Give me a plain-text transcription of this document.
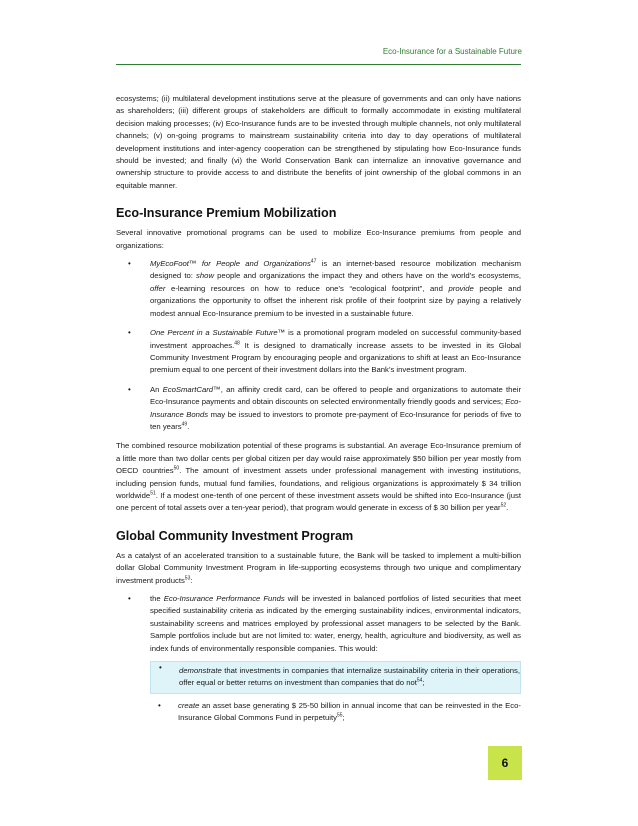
Eco-Insurance for a Sustainable Future

ecosystems; (ii) multilateral development institutions serve at the pleasure of governments and can only have nations as shareholders; (iii) different groups of stakeholders are difficult to formally accommodate in existing multilateral decision making processes; (iv) Eco-Insurance funds are to be invested through multiple channels, not only multilateral channels; (v) on-going programs to mainstream sustainability criteria into day to day operations of multilateral development institutions and inter-agency cooperation can be strengthened by stipulating how Eco-Insurance funds should be invested; and finally (vi) the World Conservation Bank can internalize an innovative governance and ownership structure to provide access to and distribute the benefits of joint ownership of the global commons in an equitable manner.

Eco-Insurance Premium Mobilization

Several innovative promotional programs can be used to mobilize Eco-Insurance premiums from people and organizations:

• MyEcoFoot™ for People and Organizations$^{47}$ is an internet-based resource mobilization mechanism designed to: show people and organizations the impact they and others have on the world’s ecosystems, offer e-learning resources on how to reduce one’s “ecological footprint”, and provide people and organizations the opportunity to offset the inherent risk profile of their footprint size by paying a relatively modest annual Eco-Insurance premium to be invested in a sustainable future.
• One Percent in a Sustainable Future™ is a promotional program modeled on successful community-based investment approaches.$^{48}$ It is designed to dramatically increase assets to be invested in its Global Community Investment Program by encouraging people and organizations to shift at least an Eco-Insurance premium equal to one percent of their investment dollars into the Bank’s investment program.
• An EcoSmartCard™, an affinity credit card, can be offered to people and organizations to automate their Eco-Insurance payments and obtain discounts on selected environmentally friendly goods and services; Eco-Insurance Bonds may be issued to investors to promote pre-payment of Eco-Insurance for periods of five to ten years$^{49}$.

The combined resource mobilization potential of these programs is substantial. An average Eco-Insurance premium of a little more than two dollar cents per global citizen per day would raise approximately $50 billion per year mostly from OECD countries$^{50}$. The amount of investment assets under professional management with investing institutions, including pension funds, mutual fund families, foundations, and religious organizations is approximately $ 34 trillion worldwide$^{51}$. If a modest one-tenth of one percent of these investment assets would be shifted into Eco-Insurance (just one percent of total assets over a ten-year period), that program would generate in excess of $ 30 billion per year$^{52}$.

Global Community Investment Program

As a catalyst of an accelerated transition to a sustainable future, the Bank will be tasked to implement a multi-billion dollar Global Community Investment Program in life-supporting ecosystems through two unique and complimentary investment products$^{53}$:

• the Eco-Insurance Performance Funds will be invested in balanced portfolios of listed securities that meet specified sustainability criteria as indicated by the emerging sustainability indices, environmental indicators, sustainability screens and matrices employed by professional asset managers to be selected by the Bank. Sample portfolios include but are not limited to: water, energy, health, agriculture and biodiversity, as well as index funds of environmentally responsible companies. This would:
• demonstrate that investments in companies that internalize sustainability criteria in their operations, offer equal or better returns on investment than companies that do not$^{54}$;
• create an asset base generating $ 25-50 billion in annual income that can be reinvested in the Eco-Insurance Global Commons Fund in perpetuity$^{55}$;
6
